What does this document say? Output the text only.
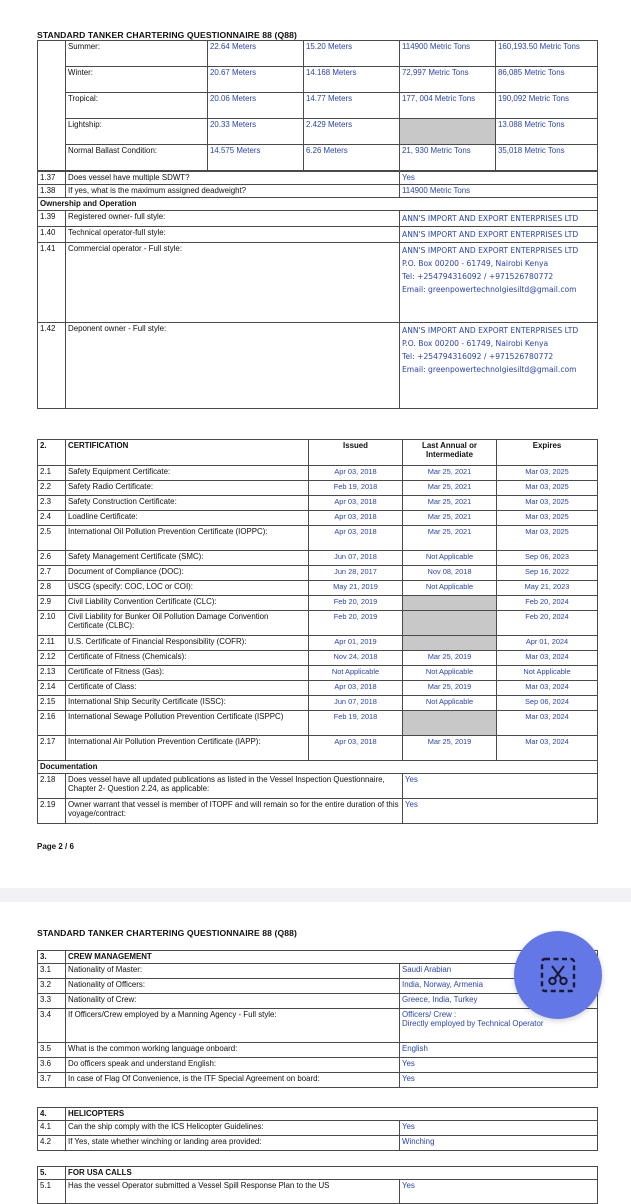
STANDARD TANKER CHARTERING QUESTIONNAIRE 88 (Q88)
	Summer:	22.64 Meters	15.20 Meters	114900 Metric Tons	160,193.50 Metric Tons
	Winter:	20.67 Meters	14.168 Meters	72,997 Metric Tons	86,085 Metric Tons
	Tropical:	20.06 Meters	14.77 Meters	177, 004 Metric Tons	190,092 Metric Tons
	Lightship:	20.33 Meters	2.429 Meters		13.088 Metric Tons
	Normal Ballast Condition:	14.575 Meters	6.26 Meters	21, 930 Metric Tons	35,018 Metric Tons
1.37	Does vessel have multiple SDWT?	Yes
1.38	If yes, what is the maximum assigned deadweight?	114900 Metric Tons
Ownership and Operation		
1.39	Registered owner- full style:	ANN'S IMPORT AND EXPORT ENTERPRISES LTD
1.40	Technical operator-full style:	ANN'S IMPORT AND EXPORT ENTERPRISES LTD
1.41	Commercial operator - Full style:	ANN'S IMPORT AND EXPORT ENTERPRISES LTD
P.O. Box 00200 - 61749, Nairobi Kenya
Tel: +254794316092 / +971526780772
Email: greenpowertechnolgiesiltd@gmail.com

1.42	Deponent owner - Full style:	ANN'S IMPORT AND EXPORT ENTERPRISES LTD
P.O. Box 00200 - 61749, Nairobi Kenya
Tel: +254794316092 / +971526780772
Email: greenpowertechnolgiesiltd@gmail.com
2.	CERTIFICATION	Issued	Last Annual or Intermediate	Expires
2.1	Safety Equipment Certificate:	Apr 03, 2018	Mar 25, 2021	Mar 03, 2025
2.2	Safety Radio Certificate:	Feb 19, 2018	Mar 25, 2021	Mar 03, 2025
2.3	Safety Construction Certificate:	Apr 03, 2018	Mar 25, 2021	Mar 03, 2025
2.4	Loadline Certificate:	Apr 03, 2018	Mar 25, 2021	Mar 03, 2025
2.5	International Oil Pollution Prevention Certificate (IOPPC):	Apr 03, 2018	Mar 25, 2021	Mar 03, 2025
2.6	Safety Management Certificate (SMC):	Jun 07, 2018	Not Applicable	Sep 06, 2023
2.7	Document of Compliance (DOC):	Jun 28, 2017	Nov 08, 2018	Sep 16, 2022
2.8	USCG (specify: COC, LOC or COI):	May 21, 2019	Not Applicable	May 21, 2023
2.9	Civil Liability Convention Certificate (CLC):	Feb 20, 2019		Feb 20, 2024
2.10	Civil Liability for Bunker Oil Pollution Damage Convention Certificate (CLBC):	Feb 20, 2019		Feb 20, 2024
2.11	U.S. Certificate of Financial Responsibility (COFR):	Apr 01, 2019		Apr 01, 2024
2.12	Certificate of Fitness (Chemicals):	Nov 24, 2018	Mar 25, 2019	Mar 03, 2024
2.13	Certificate of Fitness (Gas):	Not Applicable	Not Applicable	Not Applicable
2.14	Certificate of Class:	Apr 03, 2018	Mar 25, 2019	Mar 03, 2024
2.15	International Ship Security Certificate (ISSC):	Jun 07, 2018	Not Applicable	Sep 06, 2024
2.16	International Sewage Pollution Prevention Certificate (ISPPC)	Feb 19, 2018		Mar 03, 2024
2.17	International Air Pollution Prevention Certificate (IAPP):	Apr 03, 2018	Mar 25, 2019	Mar 03, 2024
Documentation				
2.18	Does vessel have all updated publications as listed in the Vessel Inspection Questionnaire, Chapter 2- Question 2.24, as applicable:		Yes	
2.19	Owner warrant that vessel is member of ITOPF and will remain so for the entire duration of this voyage/contract:		Yes	
Page 2 / 6
STANDARD TANKER CHARTERING QUESTIONNAIRE 88 (Q88)
3.	CREW MANAGEMENT	
3.1	Nationality of Master:	Saudi Arabian
3.2	Nationality of Officers:	India, Norway, Armenia
3.3	Nationality of Crew:	Greece, India, Turkey
3.4	If Officers/Crew employed by a Manning Agency - Full style:	Officers/ Crew :
Directly employed by Technical Operator

3.5	What is the common working language onboard:	English
3.6	Do officers speak and understand English:	Yes
3.7	In case of Flag Of Convenience, is the ITF Special Agreement on board:	Yes
4.	HELICOPTERS	
4.1	Can the ship comply with the ICS Helicopter Guidelines:	Yes
4.2	If Yes, state whether winching or landing area provided:	Winching
5.	FOR USA CALLS	
5.1	Has the vessel Operator submitted a Vessel Spill Response Plan to the US	Yes
